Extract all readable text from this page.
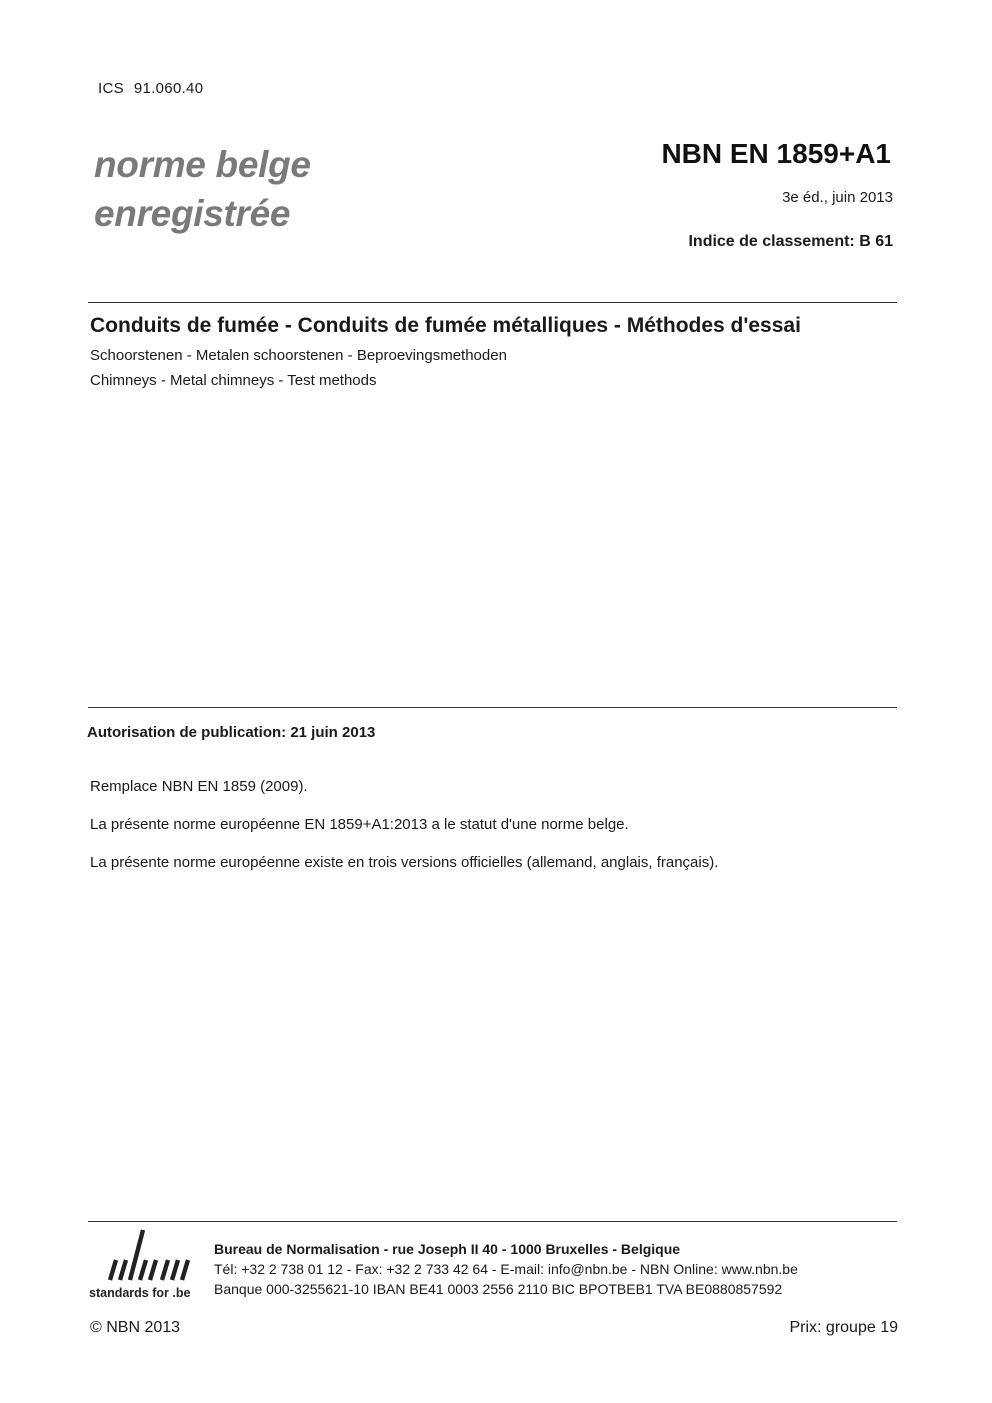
ICS 91.060.40
norme belge
enregistrée
NBN EN 1859+A1
3e éd., juin 2013
Indice de classement: B 61
Conduits de fumée - Conduits de fumée métalliques - Méthodes d'essai
Schoorstenen - Metalen schoorstenen - Beproevingsmethoden
Chimneys - Metal chimneys - Test methods
Autorisation de publication: 21 juin 2013
Remplace NBN EN 1859 (2009).
La présente norme européenne EN 1859+A1:2013 a le statut d'une norme belge.
La présente norme européenne existe en trois versions officielles (allemand, anglais, français).
standards for .be
Bureau de Normalisation - rue Joseph II 40 - 1000 Bruxelles - Belgique
Tél: +32 2 738 01 12 - Fax: +32 2 733 42 64 - E-mail: info@nbn.be - NBN Online: www.nbn.be
Banque 000-3255621-10 IBAN BE41 0003 2556 2110 BIC BPOTBEB1 TVA BE0880857592
© NBN 2013	Prix: groupe 19
